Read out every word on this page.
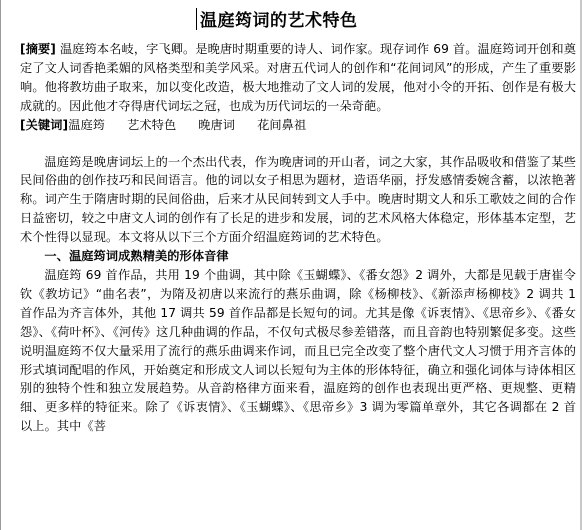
温庭筠词的艺术特色

[摘要] 温庭筠本名岐，字飞卿。是晚唐时期重要的诗人、词作家。现存词作 69 首。温庭筠词开创和奠定了文人词香艳柔媚的风格类型和美学风采。对唐五代词人的创作和“花间词风”的形成，产生了重要影响。他将教坊曲子取来，加以变化改造，极大地推动了文人词的发展，他对小令的开拓、创作是有极大成就的。因此他才夺得唐代词坛之冠，也成为历代词坛的一朵奇葩。

[关键词]温庭筠 艺术特色 晚唐词 花间鼻祖

温庭筠是晚唐词坛上的一个杰出代表，作为晚唐词的开山者，词之大家，其作品吸收和借鉴了某些民间俗曲的创作技巧和民间语言。他的词以女子相思为题材，造语华丽，抒发感情委婉含蓄，以浓艳著称。词产生于隋唐时期的民间俗曲，后来才从民间转到文人手中。晚唐时期文人和乐工歌妓之间的合作日益密切，较之中唐文人词的创作有了长足的进步和发展，词的艺术风格大体稳定，形体基本定型，艺术个性得以显现。本文将从以下三个方面介绍温庭筠词的艺术特色。

一、温庭筠词成熟精美的形体音律

温庭筠 69 首作品，共用 19 个曲调，其中除《玉蝴蝶》、《番女怨》2 调外，大都是见载于唐崔令钦《教坊记》“曲名表”，为隋及初唐以来流行的燕乐曲调，除《杨柳枝》、《新添声杨柳枝》2 调共 1 首作品为齐言体外，其他 17 调共 59 首作品都是长短句的词。尤其是像《诉衷情》、《思帝乡》、《番女怨》、《荷叶杯》、《河传》这几种曲调的作品，不仅句式极尽参差错落，而且音韵也特别繁促多变。这些说明温庭筠不仅大量采用了流行的燕乐曲调来作词，而且已完全改变了整个唐代文人习惯于用齐言体的形式填词配唱的作风，开始奠定和形成文人词以长短句为主体的形体特征，确立和强化词体与诗体相区别的独特个性和独立发展趋势。从音韵格律方面来看，温庭筠的创作也表现出更严格、更规整、更精细、更多样的特征来。除了《诉衷情》、《玉蝴蝶》、《思帝乡》3 调为零篇单章外，其它各调都在 2 首以上。其中《菩
